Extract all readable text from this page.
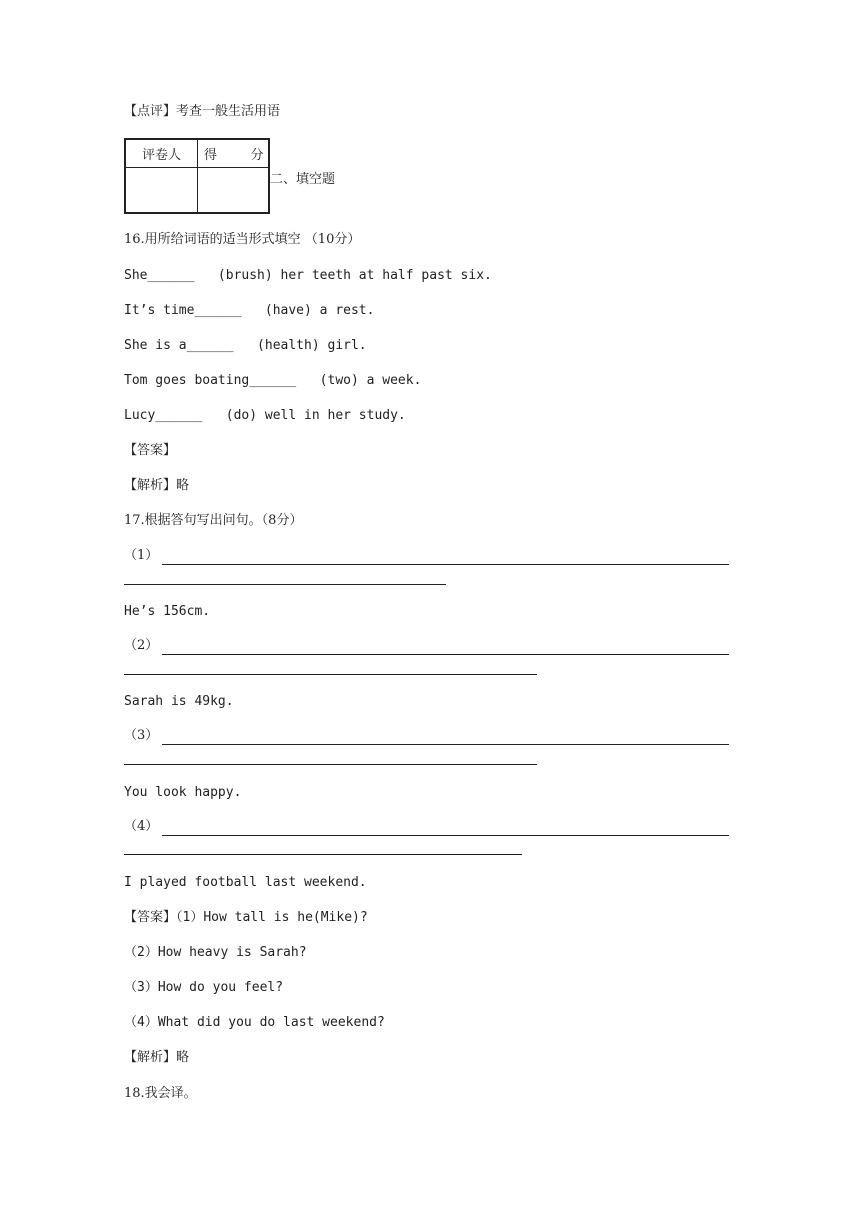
【点评】考查一般生活用语
评卷人	得 分

二、填空题
16.用所给词语的适当形式填空 （10分）
She______   (brush) her teeth at half past six.
It’s time______   (have) a rest.
She is a______   (health) girl.
Tom goes boating______   (two) a week.
Lucy______   (do) well in her study.
【答案】
【解析】略
17.根据答句写出问句。（8分）
（1）
He’s 156cm.
（2）
Sarah is 49kg.
（3）
You look happy.
（4）
I played football last weekend.
【答案】（1）How tall is he(Mike)?
（2）How heavy is Sarah?
（3）How do you feel?
（4）What did you do last weekend?
【解析】略
18.我会译。
